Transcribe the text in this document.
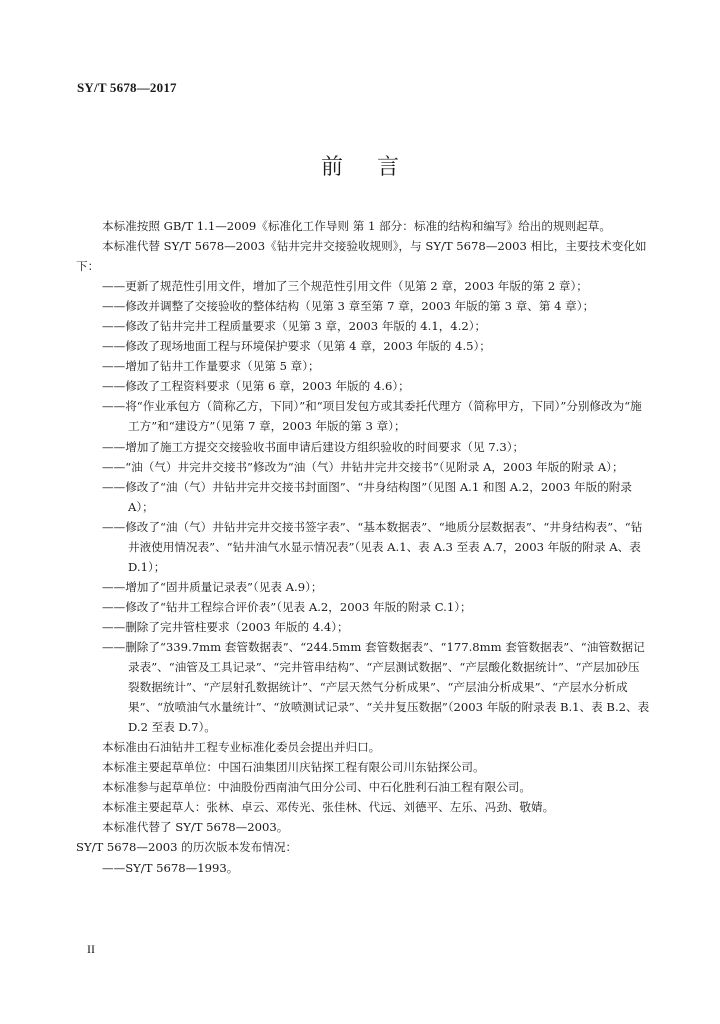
SY/T 5678—2017
前言

本标准按照 GB/T 1.1—2009《标准化工作导则 第 1 部分：标准的结构和编写》给出的规则起草。

本标准代替 SY/T 5678—2003《钻井完井交接验收规则》，与 SY/T 5678—2003 相比，主要技术变化如下：

——更新了规范性引用文件，增加了三个规范性引用文件（见第 2 章，2003 年版的第 2 章）；

——修改并调整了交接验收的整体结构（见第 3 章至第 7 章，2003 年版的第 3 章、第 4 章）；

——修改了钻井完井工程质量要求（见第 3 章，2003 年版的 4.1，4.2）；

——修改了现场地面工程与环境保护要求（见第 4 章，2003 年版的 4.5）；

——增加了钻井工作量要求（见第 5 章）；

——修改了工程资料要求（见第 6 章，2003 年版的 4.6）；

——将“作业承包方（简称乙方，下同）”和“项目发包方或其委托代理方（简称甲方，下同）”分别修改为“施工方”和“建设方”（见第 7 章，2003 年版的第 3 章）；

——增加了施工方提交交接验收书面申请后建设方组织验收的时间要求（见 7.3）；

——“油（气）井完井交接书”修改为“油（气）井钻井完井交接书”（见附录 A，2003 年版的附录 A）；

——修改了“油（气）井钻井完井交接书封面图”、“井身结构图”（见图 A.1 和图 A.2，2003 年版的附录 A）；

——修改了“油（气）井钻井完井交接书签字表”、“基本数据表”、“地质分层数据表”、“井身结构表”、“钻井液使用情况表”、“钻井油气水显示情况表”（见表 A.1、表 A.3 至表 A.7，2003 年版的附录 A、表 D.1）；

——增加了“固井质量记录表”（见表 A.9）；

——修改了“钻井工程综合评价表”（见表 A.2，2003 年版的附录 C.1）；

——删除了完井管柱要求（2003 年版的 4.4）；

——删除了“339.7mm 套管数据表”、“244.5mm 套管数据表”、“177.8mm 套管数据表”、“油管数据记录表”、“油管及工具记录”、“完井管串结构”、“产层测试数据”、“产层酸化数据统计”、“产层加砂压裂数据统计”、“产层射孔数据统计”、“产层天然气分析成果”、“产层油分析成果”、“产层水分析成果”、“放喷油气水量统计”、“放喷测试记录”、“关井复压数据”（2003 年版的附录表 B.1、表 B.2、表 D.2 至表 D.7）。

本标准由石油钻井工程专业标准化委员会提出并归口。

本标准主要起草单位：中国石油集团川庆钻探工程有限公司川东钻探公司。

本标准参与起草单位：中油股份西南油气田分公司、中石化胜利石油工程有限公司。

本标准主要起草人：张林、卓云、邓传光、张佳林、代远、刘德平、左乐、冯劲、敬婧。

本标准代替了 SY/T 5678—2003。

SY/T 5678—2003 的历次版本发布情况：

——SY/T 5678—1993。

II
